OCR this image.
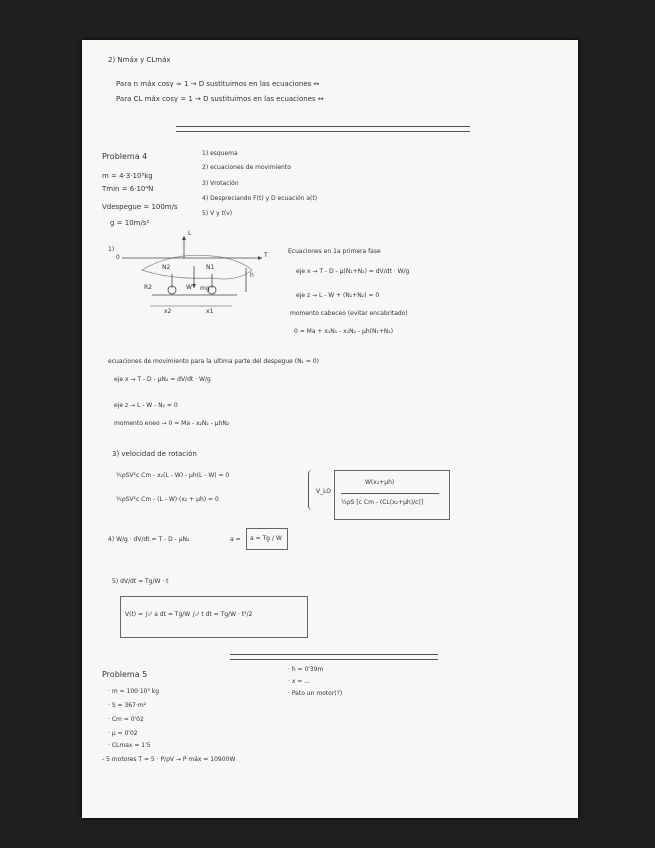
2) Nmáx y CLmáx
Para n máx cosγ ≈ 1 → D sustituimos en las ecuaciones ↔
Para CL máx cosγ = 1 → D sustituimos en las ecuaciones ↔
Problema 4
m = 4·3·10³kg
Tmin = 6·10⁴N
Vdespegue = 100m/s
g = 10m/s²
1) esquema
2) ecuaciones de movimiento
3) Vrotación
4) Despreciando F(t) y D ecuación a(t)
5) V y t(v)
1)
0
L
T
N2	N1
W mg
h
R2
x2	x1
Ecuaciones en 1a primera fase
eje x → T - D - μ(N₁+N₂) = dV/dt · W/g
eje z → L - W + (N₁+N₂) = 0
momento cabeceo (evitar encabritado)
0 = Ma + x₁N₁ - x₂N₂ - μh(N₁+N₂)
ecuaciones de movimiento para la ultima parte del despegue (N₁ = 0)
eje x → T - D - μN₂ = dV/dt · W/g
eje z → L - W - N₂ = 0
momento eneo → 0 = Ma - x₂N₂ - μhN₂
3) velocidad de rotación
½ρSV²c Cm - x₂(L - W) - μh(L - W) = 0
½ρSV²c Cm - (L - W)·(x₂ + μh) = 0
V_LO
W(x₂+μh)
½ρS [c Cm - (CL(x₂+μh)/c)]
4) W/g · dV/dt = T - D - μN₂	a = a = Tg / W
5) dV/dt = Tg/W · t
V(t) = ∫₀ᵗ a dt = Tg/W ∫₀ᵗ t dt = Tg/W · t²/2
Problema 5
· m = 100·10³ kg
· S = 367·m²
· Cm = 0'02
· μ = 0'02
· CLmax = 1'5
- 5 motores T = 5 · P/ρV → P máx = 10900W
· h = 0'39m
· x ≈ ...
· Pato un motor(?)
